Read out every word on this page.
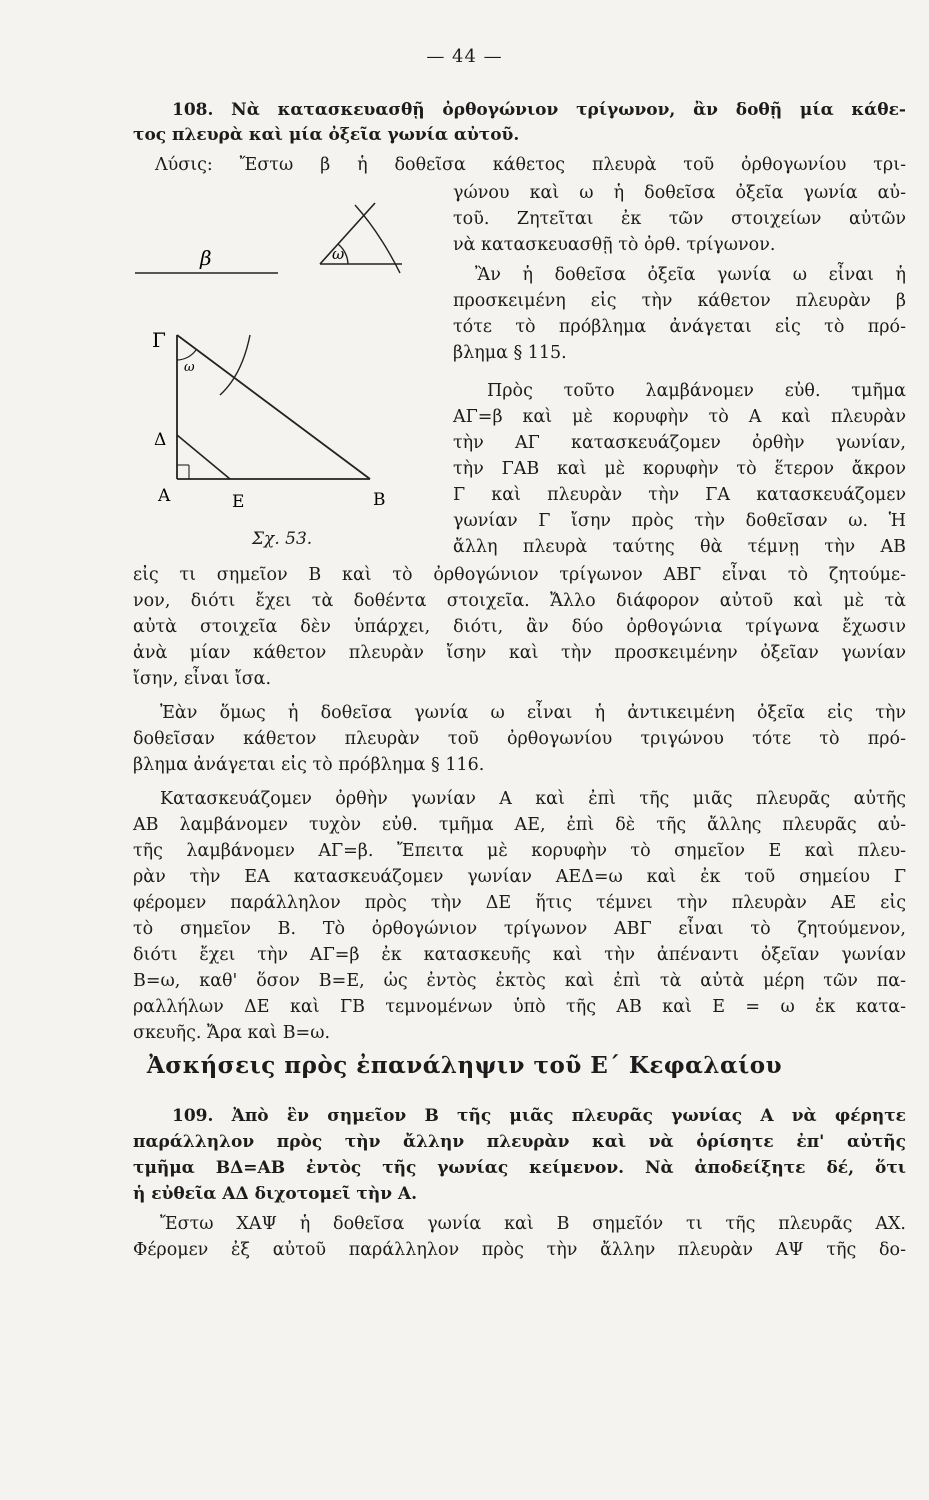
— 44 —
108. Νὰ κατασκευασθῇ ὀρθογώνιον τρίγωνον, ἂν δοθῇ μία κάθε-
τος πλευρὰ καὶ μία ὀξεῖα γωνία αὐτοῦ.
Λύσις: Ἔστω β ἡ δοθεῖσα κάθετος πλευρὰ τοῦ ὀρθογωνίου τρι-
γώνου καὶ ω ἡ δοθεῖσα ὀξεῖα γωνία αὐ-
τοῦ. Ζητεῖται ἐκ τῶν στοιχείων αὐτῶν
νὰ κατασκευασθῇ τὸ ὀρθ. τρίγωνον.
Ἂν ἡ δοθεῖσα ὀξεῖα γωνία ω εἶναι ἡ
προσκειμένη εἰς τὴν κάθετον πλευρὰν β
τότε τὸ πρόβλημα ἀνάγεται εἰς τὸ πρό-
βλημα § 115.
Πρὸς τοῦτο λαμβάνομεν εὐθ. τμῆμα
ΑΓ=β καὶ μὲ κορυφὴν τὸ Α καὶ πλευρὰν
τὴν ΑΓ κατασκευάζομεν ὀρθὴν γωνίαν,
τὴν ΓΑΒ καὶ μὲ κορυφὴν τὸ ἕτερον ἄκρον
Γ καὶ πλευρὰν τὴν ΓΑ κατασκευάζομεν
γωνίαν Γ ἴσην πρὸς τὴν δοθεῖσαν ω. Ἡ
ἄλλη πλευρὰ ταύτης θὰ τέμνῃ τὴν ΑΒ
β	ω
Γ
Δ
Α	Ε	Β
ω
Σχ. 53.
εἰς τι σημεῖον Β καὶ τὸ ὀρθογώνιον τρίγωνον ΑΒΓ εἶναι τὸ ζητούμε-
νον, διότι ἔχει τὰ δοθέντα στοιχεῖα. Ἄλλο διάφορον αὐτοῦ καὶ μὲ τὰ
αὐτὰ στοιχεῖα δὲν ὑπάρχει, διότι, ἂν δύο ὀρθογώνια τρίγωνα ἔχωσιν
ἀνὰ μίαν κάθετον πλευρὰν ἴσην καὶ τὴν προσκειμένην ὀξεῖαν γωνίαν
ἴσην, εἶναι ἴσα.
Ἐὰν ὅμως ἡ δοθεῖσα γωνία ω εἶναι ἡ ἀντικειμένη ὀξεῖα εἰς τὴν
δοθεῖσαν κάθετον πλευρὰν τοῦ ὀρθογωνίου τριγώνου τότε τὸ πρό-
βλημα ἀνάγεται εἰς τὸ πρόβλημα § 116.
Κατασκευάζομεν ὀρθὴν γωνίαν Α καὶ ἐπὶ τῆς μιᾶς πλευρᾶς αὐτῆς
ΑΒ λαμβάνομεν τυχὸν εὐθ. τμῆμα ΑΕ, ἐπὶ δὲ τῆς ἄλλης πλευρᾶς αὐ-
τῆς λαμβάνομεν ΑΓ=β. Ἔπειτα μὲ κορυφὴν τὸ σημεῖον Ε καὶ πλευ-
ρὰν τὴν ΕΑ κατασκευάζομεν γωνίαν ΑΕΔ=ω καὶ ἐκ τοῦ σημείου Γ
φέρομεν παράλληλον πρὸς τὴν ΔΕ ἥτις τέμνει τὴν πλευρὰν ΑΕ εἰς
τὸ σημεῖον Β. Τὸ ὀρθογώνιον τρίγωνον ΑΒΓ εἶναι τὸ ζητούμενον,
διότι ἔχει τὴν ΑΓ=β ἐκ κατασκευῆς καὶ τὴν ἀπέναντι ὀξεῖαν γωνίαν
Β=ω, καθ' ὅσον Β=Ε, ὡς ἐντὸς ἐκτὸς καὶ ἐπὶ τὰ αὐτὰ μέρη τῶν πα-
ραλλήλων ΔΕ καὶ ΓΒ τεμνομένων ὑπὸ τῆς ΑΒ καὶ Ε = ω ἐκ κατα-
σκευῆς. Ἄρα καὶ Β=ω.
Ἀσκήσεις πρὸς ἐπανάληψιν τοῦ Ε΄ Κεφαλαίου
109. Ἀπὸ ἓν σημεῖον Β τῆς μιᾶς πλευρᾶς γωνίας Α νὰ φέρητε
παράλληλον πρὸς τὴν ἄλλην πλευρὰν καὶ νὰ ὁρίσητε ἐπ' αὐτῆς
τμῆμα ΒΔ=ΑΒ ἐντὸς τῆς γωνίας κείμενον. Νὰ ἀποδείξητε δέ, ὅτι
ἡ εὐθεῖα ΑΔ διχοτομεῖ τὴν Α.
Ἔστω ΧΑΨ ἡ δοθεῖσα γωνία καὶ Β σημεῖόν τι τῆς πλευρᾶς ΑΧ.
Φέρομεν ἐξ αὐτοῦ παράλληλον πρὸς τὴν ἄλλην πλευρὰν ΑΨ τῆς δο-
